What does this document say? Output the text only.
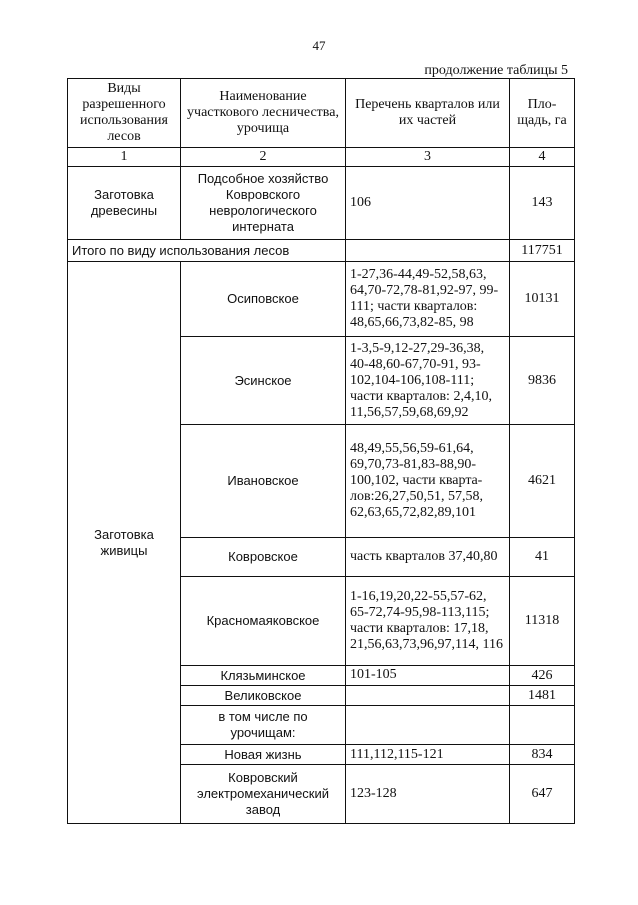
47
продолжение таблицы 5
Виды разрешенного использования лесов	Наименование участкового лесничества, урочища	Перечень кварталов или их частей	Пло-щадь, га
1	2	3	4
Заготовка древесины	Подсобное хозяйство Ковровского неврологического интерната	106	143
Итого по виду использования лесов			117751
Заготовка живицы	Осиповское	1-27,36-44,49-52,58,63, 64,70-72,78-81,92-97, 99-111; части кварталов: 48,65,66,73,82-85, 98	10131
	Эсинское	1-3,5-9,12-27,29-36,38, 40-48,60-67,70-91, 93-102,104-106,108-111; части кварталов: 2,4,10, 11,56,57,59,68,69,92	9836
	Ивановское	48,49,55,56,59-61,64, 69,70,73-81,83-88,90-100,102, части квартa-лов:26,27,50,51, 57,58, 62,63,65,72,82,89,101	4621
	Ковровское	часть кварталов 37,40,80	41
	Красномаяковское	1-16,19,20,22-55,57-62, 65-72,74-95,98-113,115; части кварталов: 17,18, 21,56,63,73,96,97,114, 116	11318
	Клязьминское	101-105	426
	Великовское		1481
	в том числе по урочищам:		
	Новая жизнь	111,112,115-121	834
	Ковровский электромеханический завод	123-128	647
